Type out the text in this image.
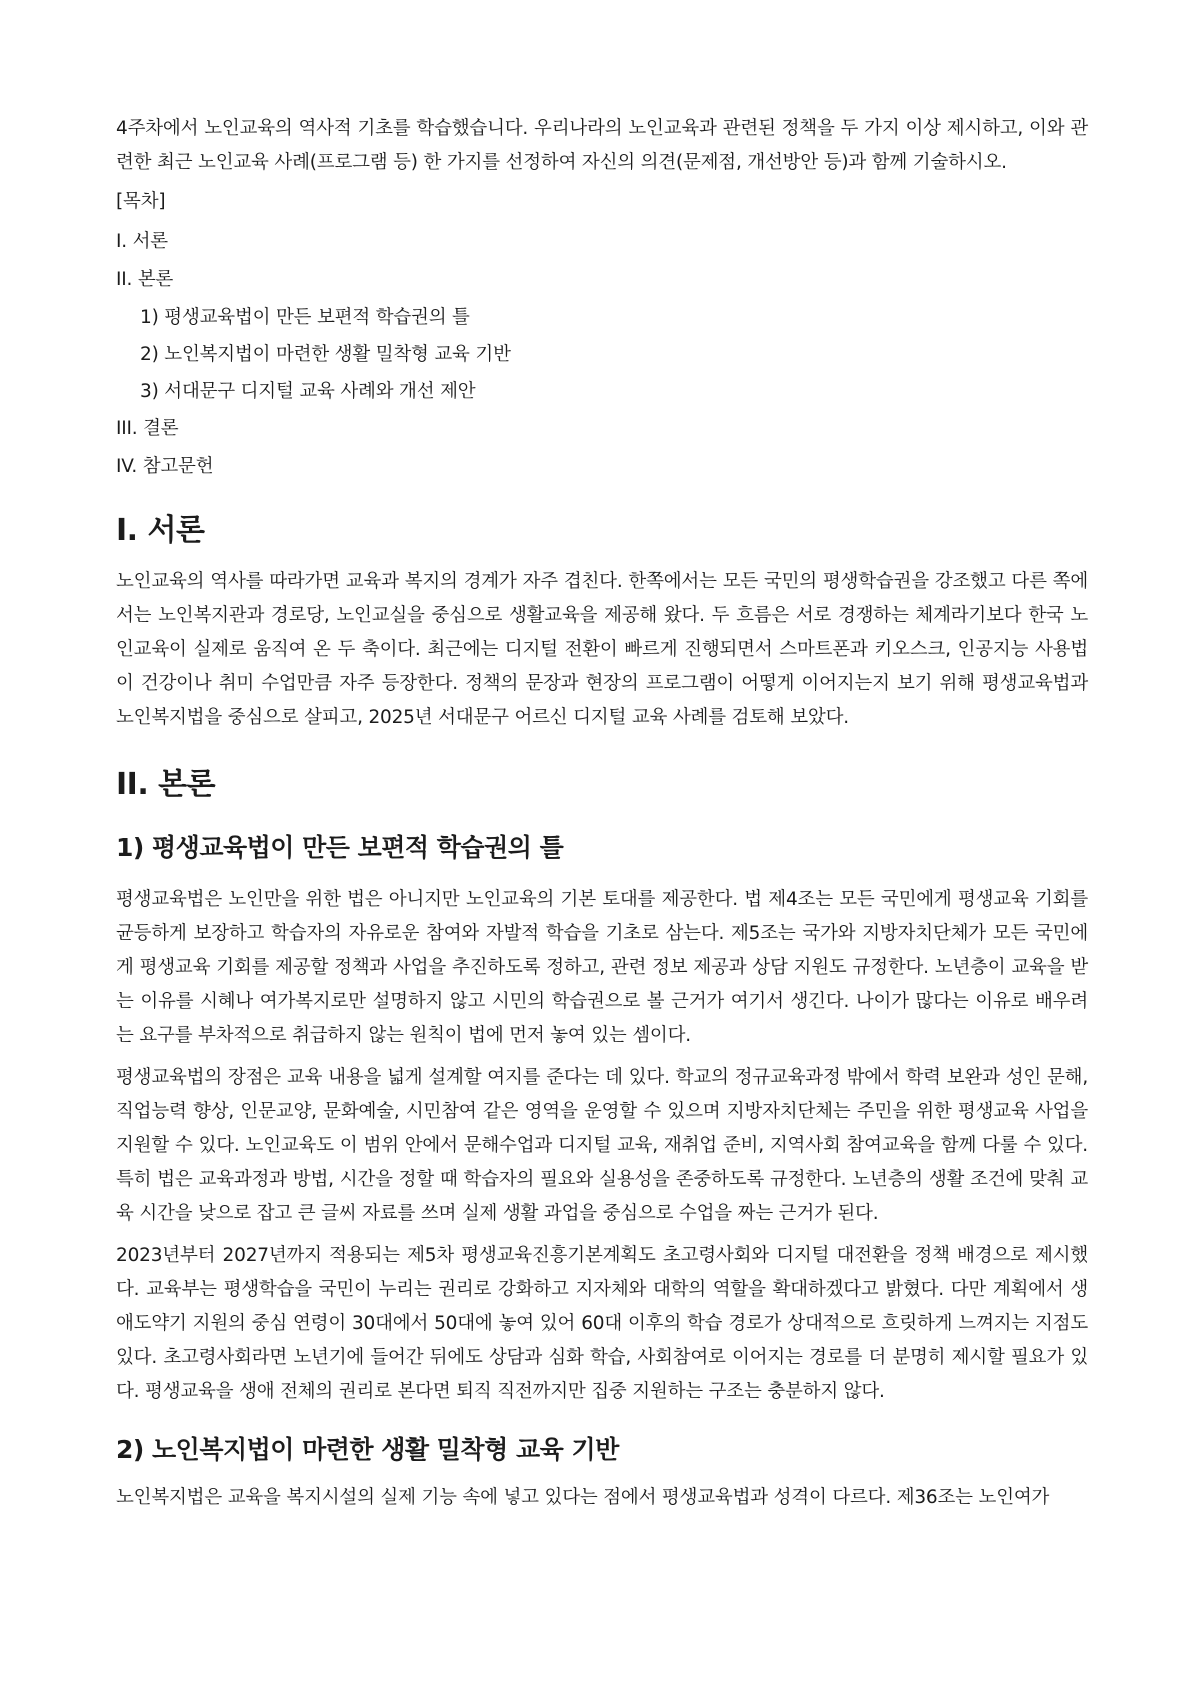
4주차에서 노인교육의 역사적 기초를 학습했습니다. 우리나라의 노인교육과 관련된 정책을 두 가지 이상 제시하고, 이와 관련한 최근 노인교육 사례(프로그램 등) 한 가지를 선정하여 자신의 의견(문제점, 개선방안 등)과 함께 기술하시오.

[목차]
I. 서론
II. 본론
1) 평생교육법이 만든 보편적 학습권의 틀
2) 노인복지법이 마련한 생활 밀착형 교육 기반
3) 서대문구 디지털 교육 사례와 개선 제안
III. 결론
IV. 참고문헌
I. 서론

노인교육의 역사를 따라가면 교육과 복지의 경계가 자주 겹친다. 한쪽에서는 모든 국민의 평생학습권을 강조했고 다른 쪽에서는 노인복지관과 경로당, 노인교실을 중심으로 생활교육을 제공해 왔다. 두 흐름은 서로 경쟁하는 체계라기보다 한국 노인교육이 실제로 움직여 온 두 축이다. 최근에는 디지털 전환이 빠르게 진행되면서 스마트폰과 키오스크, 인공지능 사용법이 건강이나 취미 수업만큼 자주 등장한다. 정책의 문장과 현장의 프로그램이 어떻게 이어지는지 보기 위해 평생교육법과 노인복지법을 중심으로 살피고, 2025년 서대문구 어르신 디지털 교육 사례를 검토해 보았다.

II. 본론
1) 평생교육법이 만든 보편적 학습권의 틀

평생교육법은 노인만을 위한 법은 아니지만 노인교육의 기본 토대를 제공한다. 법 제4조는 모든 국민에게 평생교육 기회를 균등하게 보장하고 학습자의 자유로운 참여와 자발적 학습을 기초로 삼는다. 제5조는 국가와 지방자치단체가 모든 국민에게 평생교육 기회를 제공할 정책과 사업을 추진하도록 정하고, 관련 정보 제공과 상담 지원도 규정한다. 노년층이 교육을 받는 이유를 시혜나 여가복지로만 설명하지 않고 시민의 학습권으로 볼 근거가 여기서 생긴다. 나이가 많다는 이유로 배우려는 요구를 부차적으로 취급하지 않는 원칙이 법에 먼저 놓여 있는 셈이다.

평생교육법의 장점은 교육 내용을 넓게 설계할 여지를 준다는 데 있다. 학교의 정규교육과정 밖에서 학력 보완과 성인 문해, 직업능력 향상, 인문교양, 문화예술, 시민참여 같은 영역을 운영할 수 있으며 지방자치단체는 주민을 위한 평생교육 사업을 지원할 수 있다. 노인교육도 이 범위 안에서 문해수업과 디지털 교육, 재취업 준비, 지역사회 참여교육을 함께 다룰 수 있다. 특히 법은 교육과정과 방법, 시간을 정할 때 학습자의 필요와 실용성을 존중하도록 규정한다. 노년층의 생활 조건에 맞춰 교육 시간을 낮으로 잡고 큰 글씨 자료를 쓰며 실제 생활 과업을 중심으로 수업을 짜는 근거가 된다.

2023년부터 2027년까지 적용되는 제5차 평생교육진흥기본계획도 초고령사회와 디지털 대전환을 정책 배경으로 제시했다. 교육부는 평생학습을 국민이 누리는 권리로 강화하고 지자체와 대학의 역할을 확대하겠다고 밝혔다. 다만 계획에서 생애도약기 지원의 중심 연령이 30대에서 50대에 놓여 있어 60대 이후의 학습 경로가 상대적으로 흐릿하게 느껴지는 지점도 있다. 초고령사회라면 노년기에 들어간 뒤에도 상담과 심화 학습, 사회참여로 이어지는 경로를 더 분명히 제시할 필요가 있다. 평생교육을 생애 전체의 권리로 본다면 퇴직 직전까지만 집중 지원하는 구조는 충분하지 않다.

2) 노인복지법이 마련한 생활 밀착형 교육 기반

노인복지법은 교육을 복지시설의 실제 기능 속에 넣고 있다는 점에서 평생교육법과 성격이 다르다. 제36조는 노인여가
